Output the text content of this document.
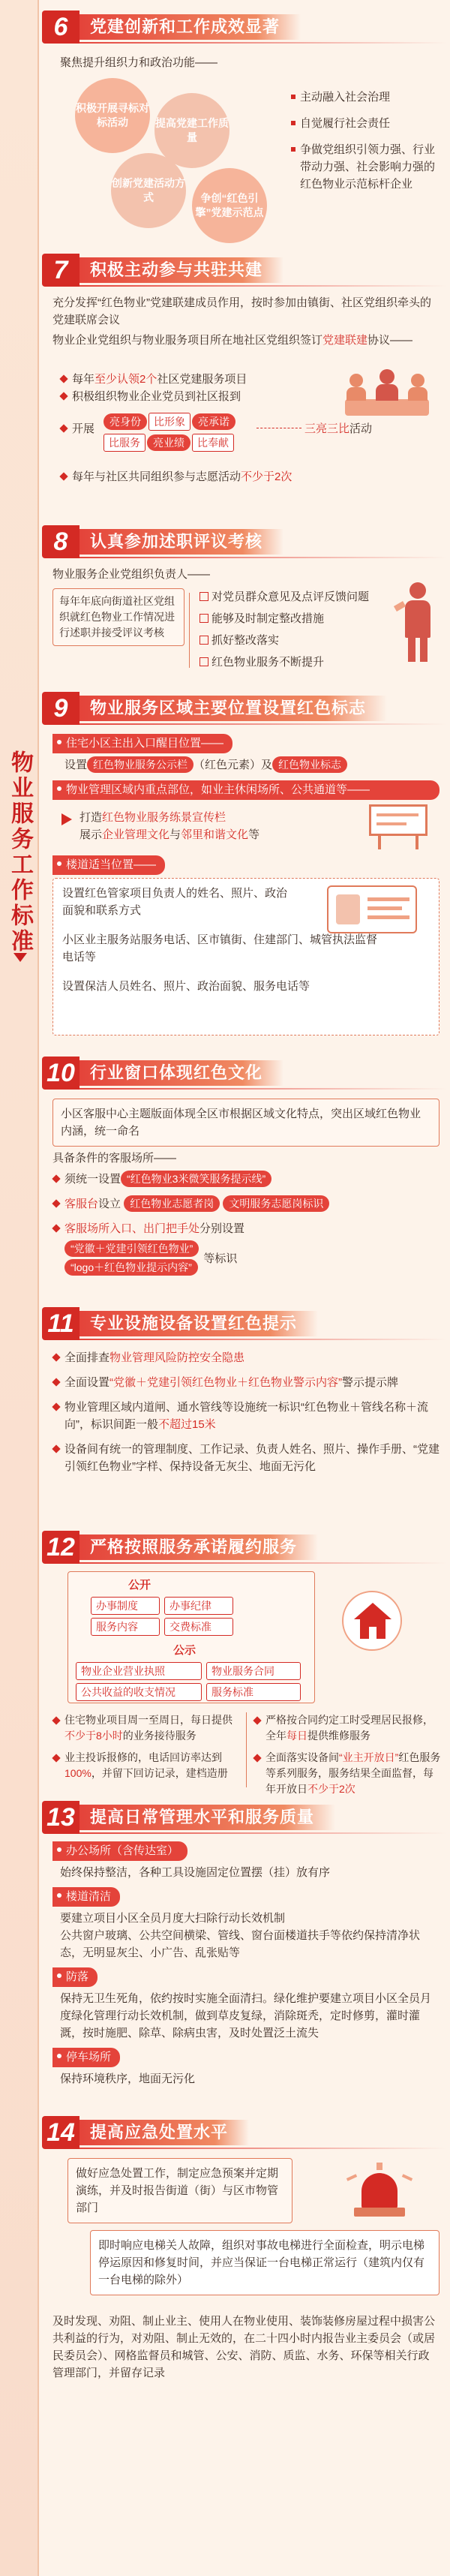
物业服务工作标准
6	党建创新和工作成效显著
聚焦提升组织力和政治功能——
积极开展寻标对标活动	提高党建工作质量
创新党建活动方式	争创“红色引擎”党建示范点
主动融入社会治理
自觉履行社会责任
争做党组织引领力强、行业带动力强、社会影响力强的红色物业示范标杆企业
7	积极主动参与共驻共建
充分发挥“红色物业”党建联建成员作用，按时参加由镇街、社区党组织牵头的党建联席会议
物业企业党组织与物业服务项目所在地社区党组织签订党建联建协议——
每年至少认领2个社区党建服务项目
积极组织物业企业党员到社区报到
开展
亮身份 比形象 亮承诺 比服务 亮业绩 比奉献
三亮三比活动
每年与社区共同组织参与志愿活动不少于2次
8	认真参加述职评议考核
物业服务企业党组织负责人——
每年年底向街道社区党组织就红色物业工作情况进行述职并接受评议考核
对党员群众意见及点评反馈问题
能够及时制定整改措施
抓好整改落实
红色物业服务不断提升
9	物业服务区域主要位置设置红色标志
住宅小区主出入口醒目位置——
设置 红色物业服务公示栏 （红色元素）及 红色物业标志
物业管理区域内重点部位，如业主休闲场所、公共通道等——
打造红色物业服务练景宣传栏
展示企业管理文化与邻里和谐文化等
楼道适当位置——
设置红色管家项目负责人的姓名、照片、政治面貌和联系方式
小区业主服务站服务电话、区市镇街、住建部门、城管执法监督电话等
设置保洁人员姓名、照片、政治面貌、服务电话等
10 行业窗口体现红色文化
小区客服中心主题版面体现全区市根据区域文化特点，突出区域红色物业内涵，统一命名
具备条件的客服场所——
须统一设置 “红色物业3米微笑服务提示线”
客服台设立 红色物业志愿者岗 文明服务志愿岗标识
客服场所入口、出门把手处分别设置
“党徽＋党建引领红色物业”
“logo＋红色物业提示内容”
等标识
11 专业设施设备设置红色提示
全面排查物业管理风险防控安全隐患
全面设置“党徽＋党建引领红色物业＋红色物业警示内容”警示提示牌
物业管理区域内道闸、通水管线等设施统一标识“红色物业＋管线名称＋流向”，标识间距一般不超过15米
设备间有统一的管理制度、工作记录、负责人姓名、照片、操作手册、“党建引领红色物业”字样、保持设备无灰尘、地面无污化
12 严格按照服务承诺履约服务
公开
办事制度	办事纪律
服务内容	交费标准
公示
物业企业营业执照	物业服务合同
公共收益的收支情况	服务标准
住宅物业项目周一至周日，每日提供不少于8小时的业务接待服务
业主投诉报修的，电话回访率达到100%，并留下回访记录，建档造册
严格按合同约定工时受理居民报修，全年每日提供维修服务
全面落实设备间“业主开放日”红色服务等系列服务，服务结果全面监督，每年开放日不少于2次
13 提高日常管理水平和服务质量
办公场所（含传达室）
始终保持整洁，各种工具设施固定位置摆（挂）放有序
楼道清洁
要建立项目小区全员月度大扫除行动长效机制
公共窗户玻璃、公共空间横梁、管线、窗台面楼道扶手等依约保持清净状态，无明显灰尘、小广告、乱张贴等
防落
保持无卫生死角，依约按时实施全面清扫。绿化维护要建立项目小区全员月度绿化管理行动长效机制，做到草皮复绿，消除斑秃，定时修剪，灌时灌溉，按时施肥、除草、除病虫害，及时处置泛土流失
停车场所
保持环境秩序，地面无污化
14 提高应急处置水平
做好应急处置工作，制定应急预案并定期演练，并及时报告街道（街）与区市物管部门
即时响应电梯关人故障，组织对事故电梯进行全面检查，明示电梯停运原因和修复时间，并应当保证一台电梯正常运行（建筑内仅有一台电梯的除外）
及时发现、劝阻、制止业主、使用人在物业使用、装饰装修房屋过程中损害公共利益的行为，对劝阻、制止无效的，在二十四小时内报告业主委员会（或居民委员会）、网格监督员和城管、公安、消防、质监、水务、环保等相关行政管理部门，并留存记录
